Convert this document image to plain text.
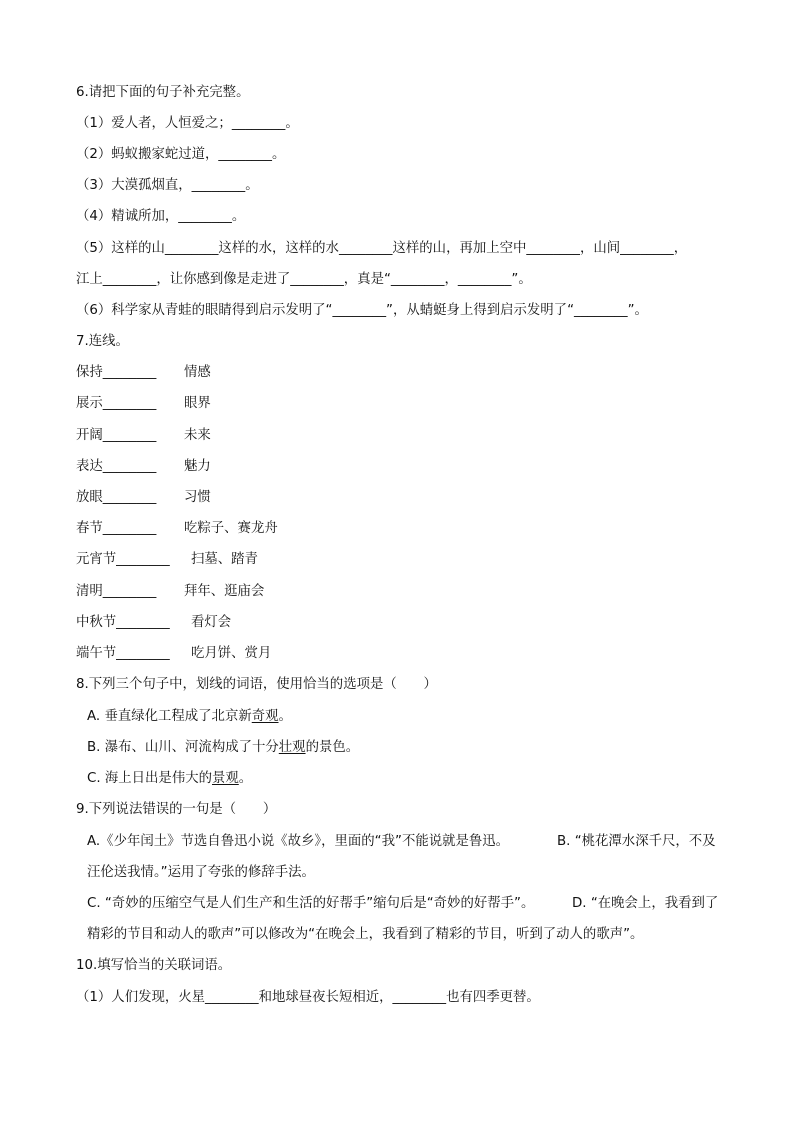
6.请把下面的句子补充完整。
（1）爱人者，人恒爱之；________。
（2）蚂蚁搬家蛇过道，________。
（3）大漠孤烟直，________。
（4）精诚所加，________。
（5）这样的山________这样的水，这样的水________这样的山，再加上空中________，山间________，
江上________，让你感到像是走进了________，真是“________，________”。
（6）科学家从青蛙的眼睛得到启示发明了“________”，从蜻蜓身上得到启示发明了“________”。
7.连线。
保持________ 情感
展示________ 眼界
开阔________ 未来
表达________ 魅力
放眼________ 习惯
春节________ 吃粽子、赛龙舟
元宵节________ 扫墓、踏青
清明________ 拜年、逛庙会
中秋节________ 看灯会
端午节________ 吃月饼、赏月
8.下列三个句子中，划线的词语，使用恰当的选项是（　　）
A. 垂直绿化工程成了北京新奇观。
B. 瀑布、山川、河流构成了十分壮观的景色。
C. 海上日出是伟大的景观。
9.下列说法错误的一句是（　　）
A.《少年闰土》节选自鲁迅小说《故乡》，里面的“我”不能说就是鲁迅。	B. “桃花潭水深千尺，不及
汪伦送我情。”运用了夸张的修辞手法。
C. “奇妙的压缩空气是人们生产和生活的好帮手”缩句后是“奇妙的好帮手”。	D. “在晚会上，我看到了
精彩的节目和动人的歌声”可以修改为“在晚会上，我看到了精彩的节目，听到了动人的歌声”。
10.填写恰当的关联词语。
（1）人们发现，火星________和地球昼夜长短相近，________也有四季更替。
